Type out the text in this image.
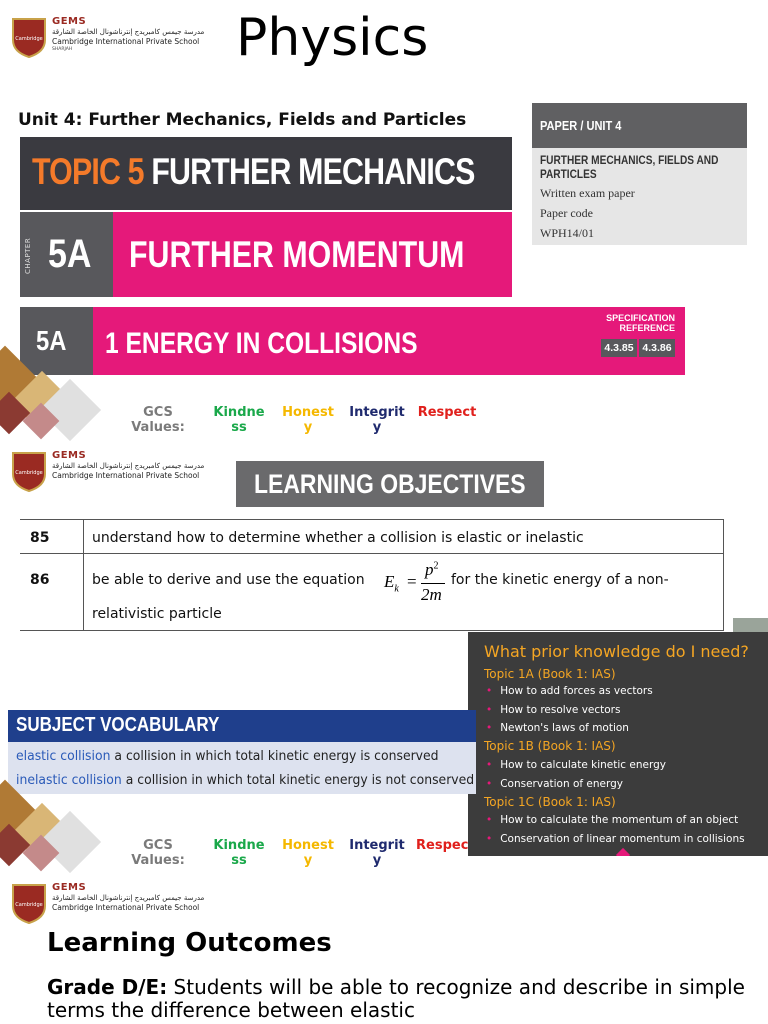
Cambridge
GEMS
مدرسة جيمس كامبريدج إنترناشونال الخاصة الشارقة
Cambridge International Private School
SHARJAH	Physics
Unit 4: Further Mechanics, Fields and Particles
TOPIC 5 FURTHER MECHANICS
CHAPTER 5A FURTHER MOMENTUM
PAPER / UNIT 4
FURTHER MECHANICS, FIELDS AND PARTICLES
Written exam paper
Paper code
WPH14/01
5A 1 ENERGY IN COLLISIONS
SPECIFICATION
REFERENCE
4.3.85 4.3.86
GCS
Values:
Kindne
ss
Honest
y
Integrit
y
Respect
Cambridge
GEMS
مدرسة جيمس كامبريدج إنترناشونال الخاصة الشارقة
Cambridge International Private School LEARNING OBJECTIVES
85	understand how to determine whether a collision is elastic or inelastic
86	be able to derive and use the equation $E_k$ =
$p^2$
2m
for the kinetic energy of a non-
relativistic particle
What prior knowledge do I need?
Topic 1A (Book 1: IAS)
• How to add forces as vectors
• How to resolve vectors
• Newton's laws of motion
Topic 1B (Book 1: IAS)
• How to calculate kinetic energy
• Conservation of energy
Topic 1C (Book 1: IAS)
• How to calculate the momentum of an object
• Conservation of linear momentum in collisions
SUBJECT VOCABULARY
elastic collision a collision in which total kinetic energy is conserved
inelastic collision a collision in which total kinetic energy is not conserved
GCS
Values:
Kindne
ss
Honest
y
Integrit
y
Respec
Cambridge
GEMS
مدرسة جيمس كامبريدج إنترناشونال الخاصة الشارقة
Cambridge International Private School
Learning Outcomes
Grade D/E: Students will be able to recognize and describe in simple terms the difference between elastic
